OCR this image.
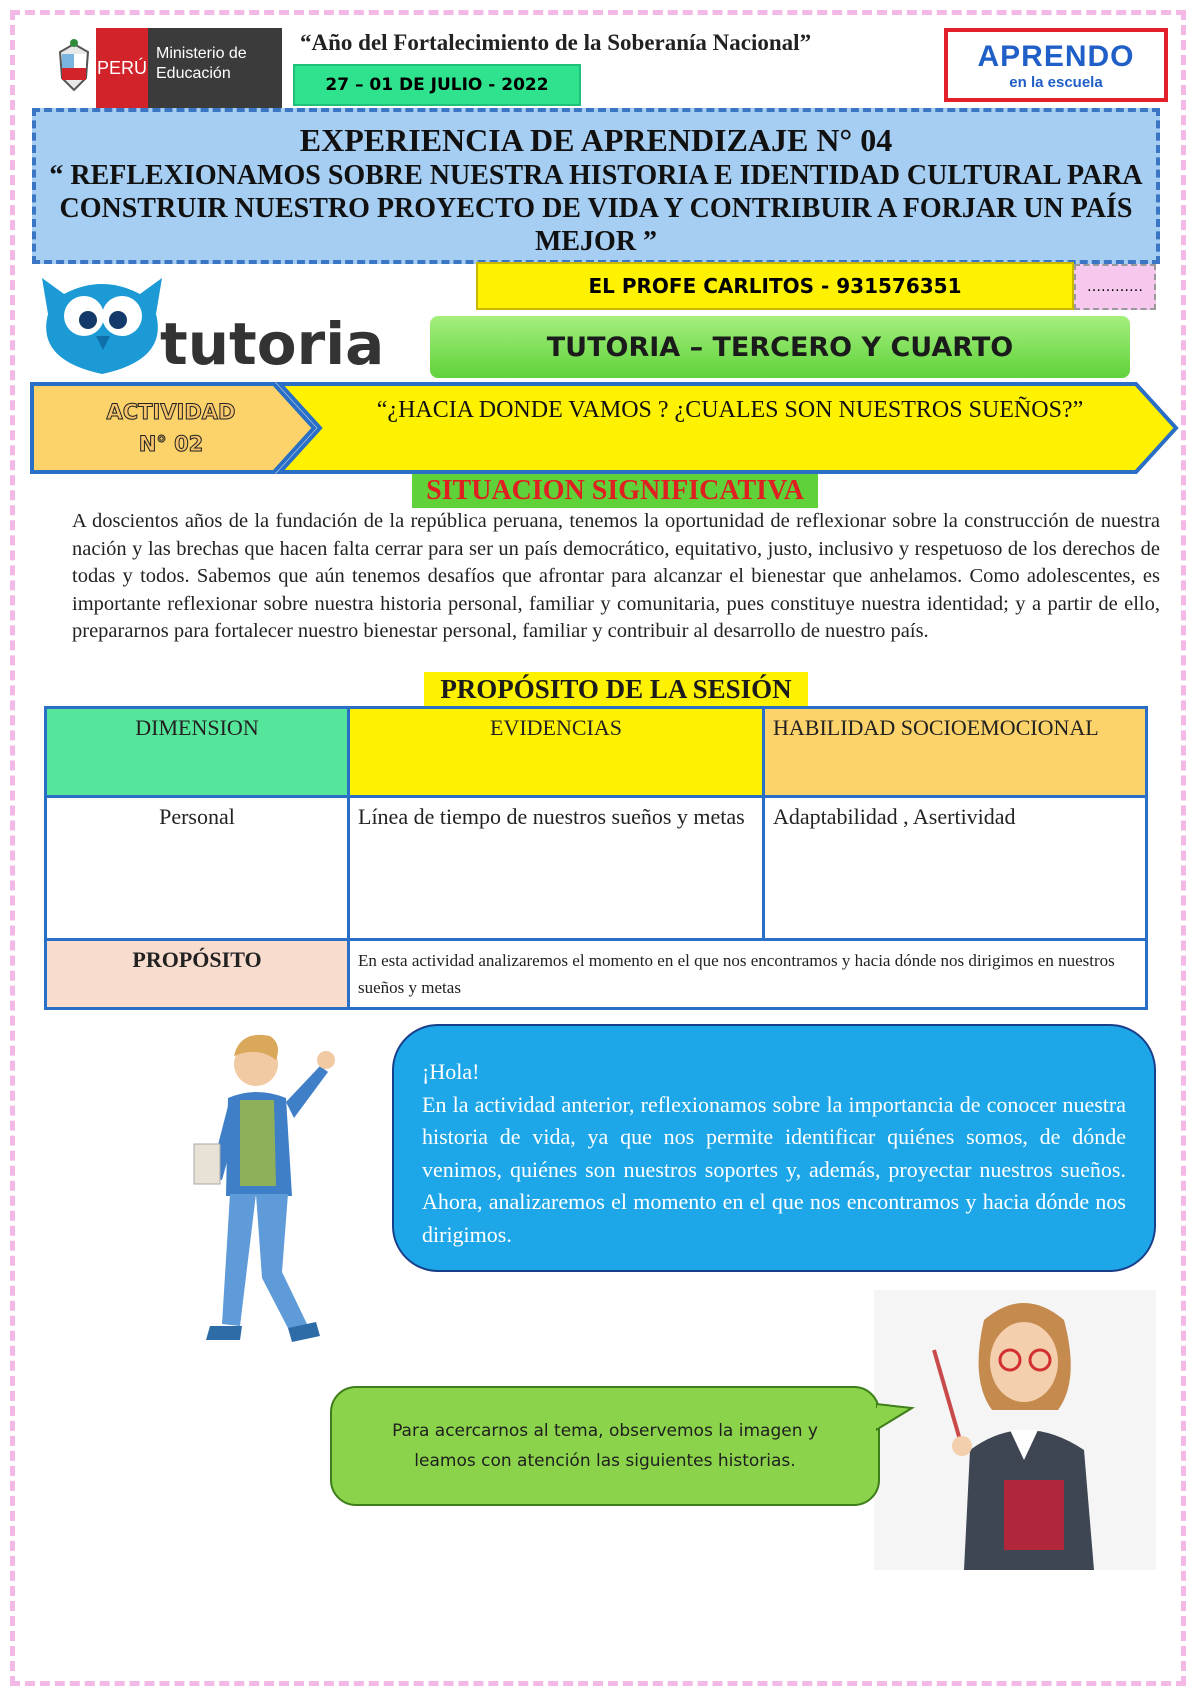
PERÚ
Ministerio de Educación
“Año del Fortalecimiento de la Soberanía Nacional”
27 – 01 DE JULIO - 2022
APRENDO
en la escuela
EXPERIENCIA DE APRENDIZAJE N° 04
“ REFLEXIONAMOS SOBRE NUESTRA HISTORIA E IDENTIDAD CULTURAL PARA CONSTRUIR NUESTRO PROYECTO DE VIDA Y CONTRIBUIR A FORJAR UN PAÍS MEJOR ”
EL PROFE CARLITOS - 931576351	…………
tutoria	TUTORIA – TERCERO Y CUARTO
ACTIVIDAD
N° 02
“¿HACIA DONDE VAMOS ? ¿CUALES SON NUESTROS SUEÑOS?”
SITUACION SIGNIFICATIVA
A doscientos años de la fundación de la república peruana, tenemos la oportunidad de reflexionar sobre la construcción de nuestra nación y las brechas que hacen falta cerrar para ser un país democrático, equitativo, justo, inclusivo y respetuoso de los derechos de todas y todos. Sabemos que aún tenemos desafíos que afrontar para alcanzar el bienestar que anhelamos. Como adolescentes, es importante reflexionar sobre nuestra historia personal, familiar y comunitaria, pues constituye nuestra identidad; y a partir de ello, prepararnos para fortalecer nuestro bienestar personal, familiar y contribuir al desarrollo de nuestro país.
PROPÓSITO DE LA SESIÓN
DIMENSION	EVIDENCIAS	HABILIDAD SOCIOEMOCIONAL
Personal	Línea de tiempo de nuestros sueños y metas	Adaptabilidad , Asertividad
PROPÓSITO	En esta actividad analizaremos el momento en el que nos encontramos y hacia dónde nos dirigimos en nuestros sueños y metas	

¡Hola!

En la actividad anterior, reflexionamos sobre la importancia de conocer nuestra historia de vida, ya que nos permite identificar quiénes somos, de dónde venimos, quiénes son nuestros soportes y, además, proyectar nuestros sueños. Ahora, analizaremos el momento en el que nos encontramos y hacia dónde nos dirigimos.

Para acercarnos al tema, observemos la imagen y leamos con atención las siguientes historias.
